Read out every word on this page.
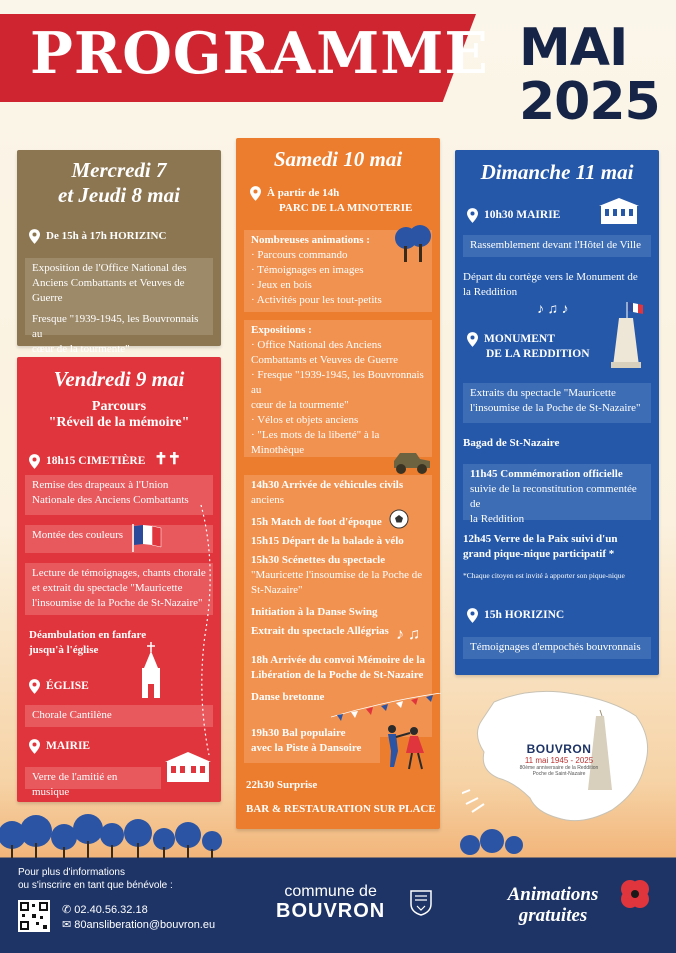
PROGRAMME MAI
2025
Mercredi 7
et Jeudi 8 mai
De 15h à 17h HORIZINC
Exposition de l'Office National des
Anciens Combattants et Veuves de Guerre
Fresque "1939-1945, les Bouvronnais au
cœur de la tourmente"
Vendredi 9 mai
Parcours
"Réveil de la mémoire"
18h15 CIMETIÈRE ✝✝
Remise des drapeaux à l'Union
Nationale des Anciens Combattants
Montée des couleurs
Lecture de témoignages, chants chorale
et extrait du spectacle "Mauricette
l'insoumise de la Poche de St-Nazaire"
Déambulation en fanfare
jusqu'à l'église
ÉGLISE
Chorale Cantilène
MAIRIE
Verre de l'amitié en musique
Samedi 10 mai
À partir de 14h
PARC DE LA MINOTERIE
Nombreuses animations :
· Parcours commando
· Témoignages en images
· Jeux en bois
· Activités pour les tout-petits
Expositions :
· Office National des Anciens
Combattants et Veuves de Guerre
· Fresque "1939-1945, les Bouvronnais au
cœur de la tourmente"
· Vélos et objets anciens
· "Les mots de la liberté" à la
Minothèque
14h30 Arrivée de véhicules civils
anciens
15h Match de foot d'époque
15h15 Départ de la balade à vélo
15h30 Scénettes du spectacle
"Mauricette l'insoumise de la Poche de
St-Nazaire"
Initiation à la Danse Swing
Extrait du spectacle Allégrias
18h Arrivée du convoi Mémoire de la
Libération de la Poche de St-Nazaire
Danse bretonne
♪ ♫
19h30 Bal populaire
avec la Piste à Dansoire
22h30 Surprise
BAR & RESTAURATION SUR PLACE
Dimanche 11 mai
10h30 MAIRIE
Rassemblement devant l'Hôtel de Ville
Départ du cortège vers le Monument de
la Reddition
♪ ♫ ♪
MONUMENT
DE LA REDDITION
Extraits du spectacle "Mauricette
l'insoumise de la Poche de St-Nazaire"
Bagad de St-Nazaire
11h45 Commémoration officielle
suivie de la reconstitution commentée de
la Reddition
12h45 Verre de la Paix suivi d'un
grand pique-nique participatif *
*Chaque citoyen est invité à apporter son pique-nique
15h HORIZINC
Témoignages d'empochés bouvronnais
BOUVRON
11 mai 1945 - 2025
80ème anniversaire de la Reddition
Poche de Saint-Nazaire
Pour plus d'informations
ou s'inscrire en tant que bénévole :
✆ 02.40.56.32.18
✉ 80ansliberation@bouvron.eu
commune de
BOUVRON
Animations
gratuites
